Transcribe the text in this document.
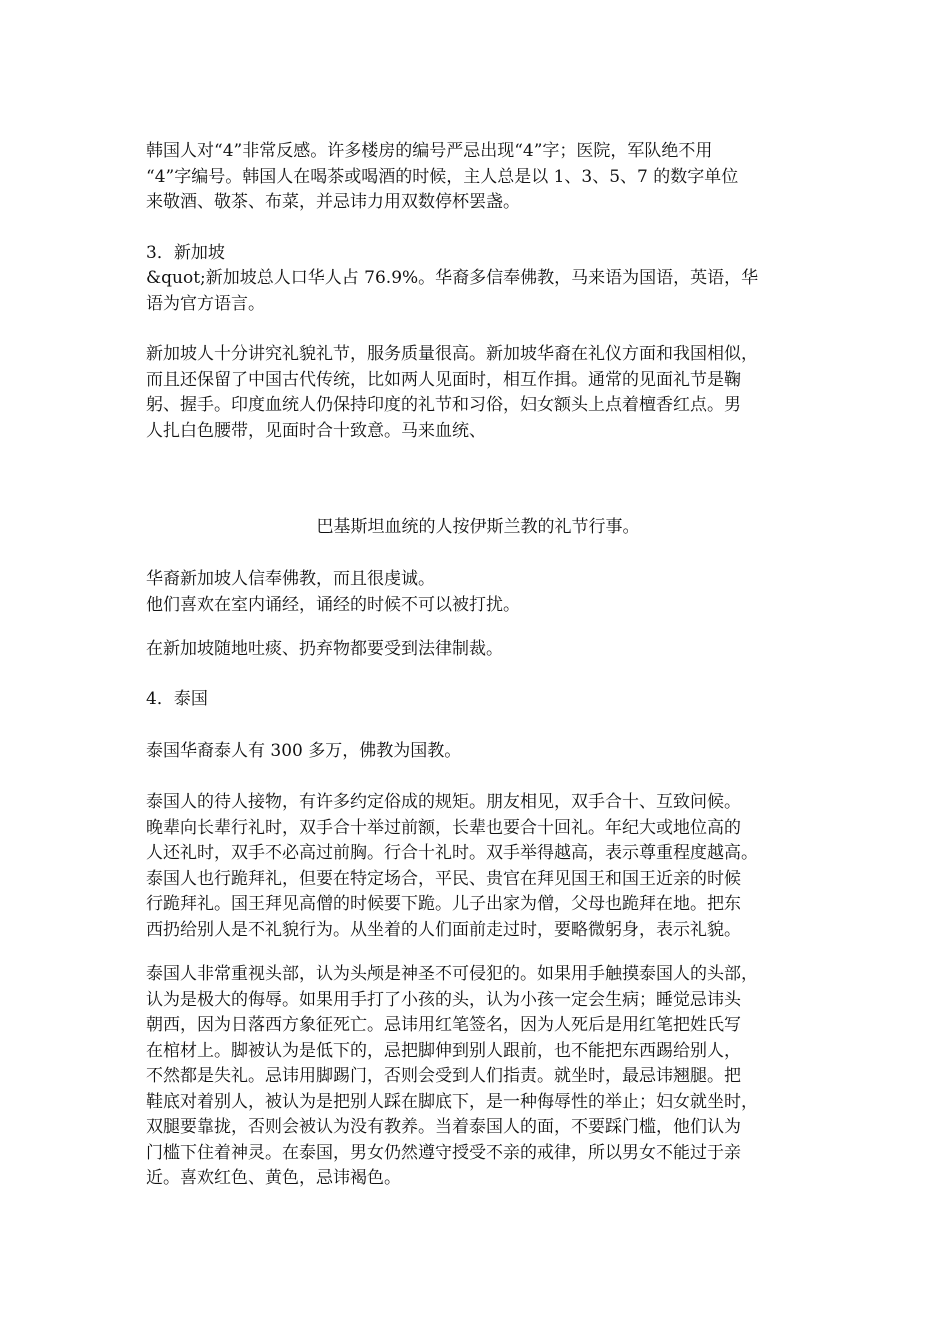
韩国人对“4”非常反感。许多楼房的编号严忌出现“4”字；医院，军队绝不用
“4”字编号。韩国人在喝茶或喝酒的时候，主人总是以 1、3、5、7 的数字单位
来敬酒、敬茶、布菜，并忌讳力用双数停杯罢盏。
3．新加坡
&quot;新加坡总人口华人占 76.9%。华裔多信奉佛教，马来语为国语，英语，华
语为官方语言。
新加坡人十分讲究礼貌礼节，服务质量很高。新加坡华裔在礼仪方面和我国相似，
而且还保留了中国古代传统，比如两人见面时，相互作揖。通常的见面礼节是鞠
躬、握手。印度血统人仍保持印度的礼节和习俗，妇女额头上点着檀香红点。男
人扎白色腰带，见面时合十致意。马来血统、
巴基斯坦血统的人按伊斯兰教的礼节行事。
华裔新加坡人信奉佛教，而且很虔诚。
他们喜欢在室内诵经，诵经的时候不可以被打扰。
在新加坡随地吐痰、扔弃物都要受到法律制裁。
4．泰国
泰国华裔泰人有 300 多万，佛教为国教。
泰国人的待人接物，有许多约定俗成的规矩。朋友相见，双手合十、互致问候。
晚辈向长辈行礼时，双手合十举过前额，长辈也要合十回礼。年纪大或地位高的
人还礼时，双手不必高过前胸。行合十礼时。双手举得越高，表示尊重程度越高。
泰国人也行跪拜礼，但要在特定场合，平民、贵官在拜见国王和国王近亲的时候
行跪拜礼。国王拜见高僧的时候要下跪。儿子出家为僧，父母也跪拜在地。把东
西扔给别人是不礼貌行为。从坐着的人们面前走过时，要略微躬身，表示礼貌。
泰国人非常重视头部，认为头颅是神圣不可侵犯的。如果用手触摸泰国人的头部，
认为是极大的侮辱。如果用手打了小孩的头，认为小孩一定会生病；睡觉忌讳头
朝西，因为日落西方象征死亡。忌讳用红笔签名，因为人死后是用红笔把姓氏写
在棺材上。脚被认为是低下的，忌把脚伸到别人跟前，也不能把东西踢给别人，
不然都是失礼。忌讳用脚踢门，否则会受到人们指责。就坐时，最忌讳翘腿。把
鞋底对着别人，被认为是把别人踩在脚底下，是一种侮辱性的举止；妇女就坐时，
双腿要靠拢，否则会被认为没有教养。当着泰国人的面，不要踩门槛，他们认为
门槛下住着神灵。在泰国，男女仍然遵守授受不亲的戒律，所以男女不能过于亲
近。喜欢红色、黄色，忌讳褐色。
